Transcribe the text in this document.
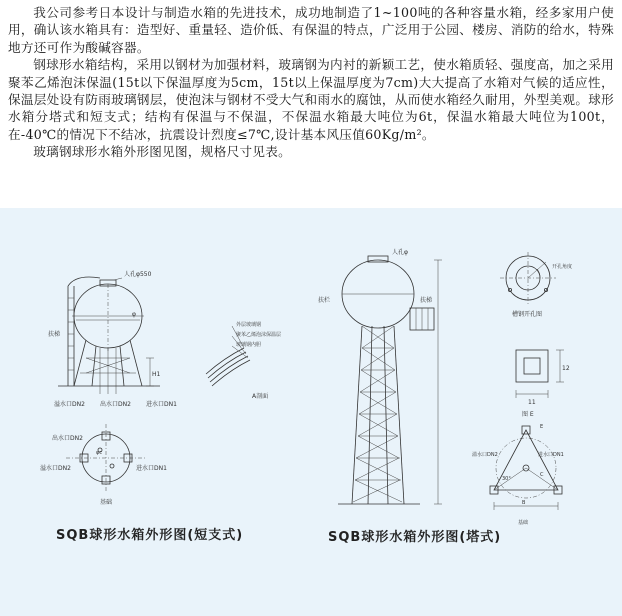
我公司参考日本设计与制造水箱的先进技术，成功地制造了1~100吨的各种容量水箱，经多家用户使用，确认该水箱具有：造型好、重量轻、造价低、有保温的特点，广泛用于公园、楼房、消防的给水，特殊地方还可作为酸碱容器。

钢球形水箱结构，采用以钢材为加强材料，玻璃钢为内衬的新颖工艺，使水箱质轻、强度高，加之采用聚苯乙烯泡沫保温(15t以下保温厚度为5cm，15t以上保温厚度为7cm)大大提高了水箱对气候的适应性，保温层处设有防雨玻璃钢层，使泡沫与钢材不受大气和雨水的腐蚀，从而使水箱经久耐用，外型美观。球形水箱分塔式和短支式；结构有保温与不保温，不保温水箱最大吨位为6t，保温水箱最大吨位为100t，在-40℃的情况下不结冰，抗震设计烈度≤7℃,设计基本风压值60Kg/m²。

玻璃钢球形水箱外形图见图，规格尺寸见表。

人孔φ550
扶梯
H1
φ
溢水口DN2	出水口DN2	进水口DN1
出水口DN2
溢水口DN2	进水口DN1
φc
基础
外层玻璃钢
聚苯乙烯泡沫保温层
玻璃钢内胆
A剖面
人孔φ
扶栏	扶梯
开孔角度
槽钢开孔图
12
11
图 E
E
溢水口DN2	进水口DN1
30°
C
B
基础
SQB球形水箱外形图(短支式)	SQB球形水箱外形图(塔式)
